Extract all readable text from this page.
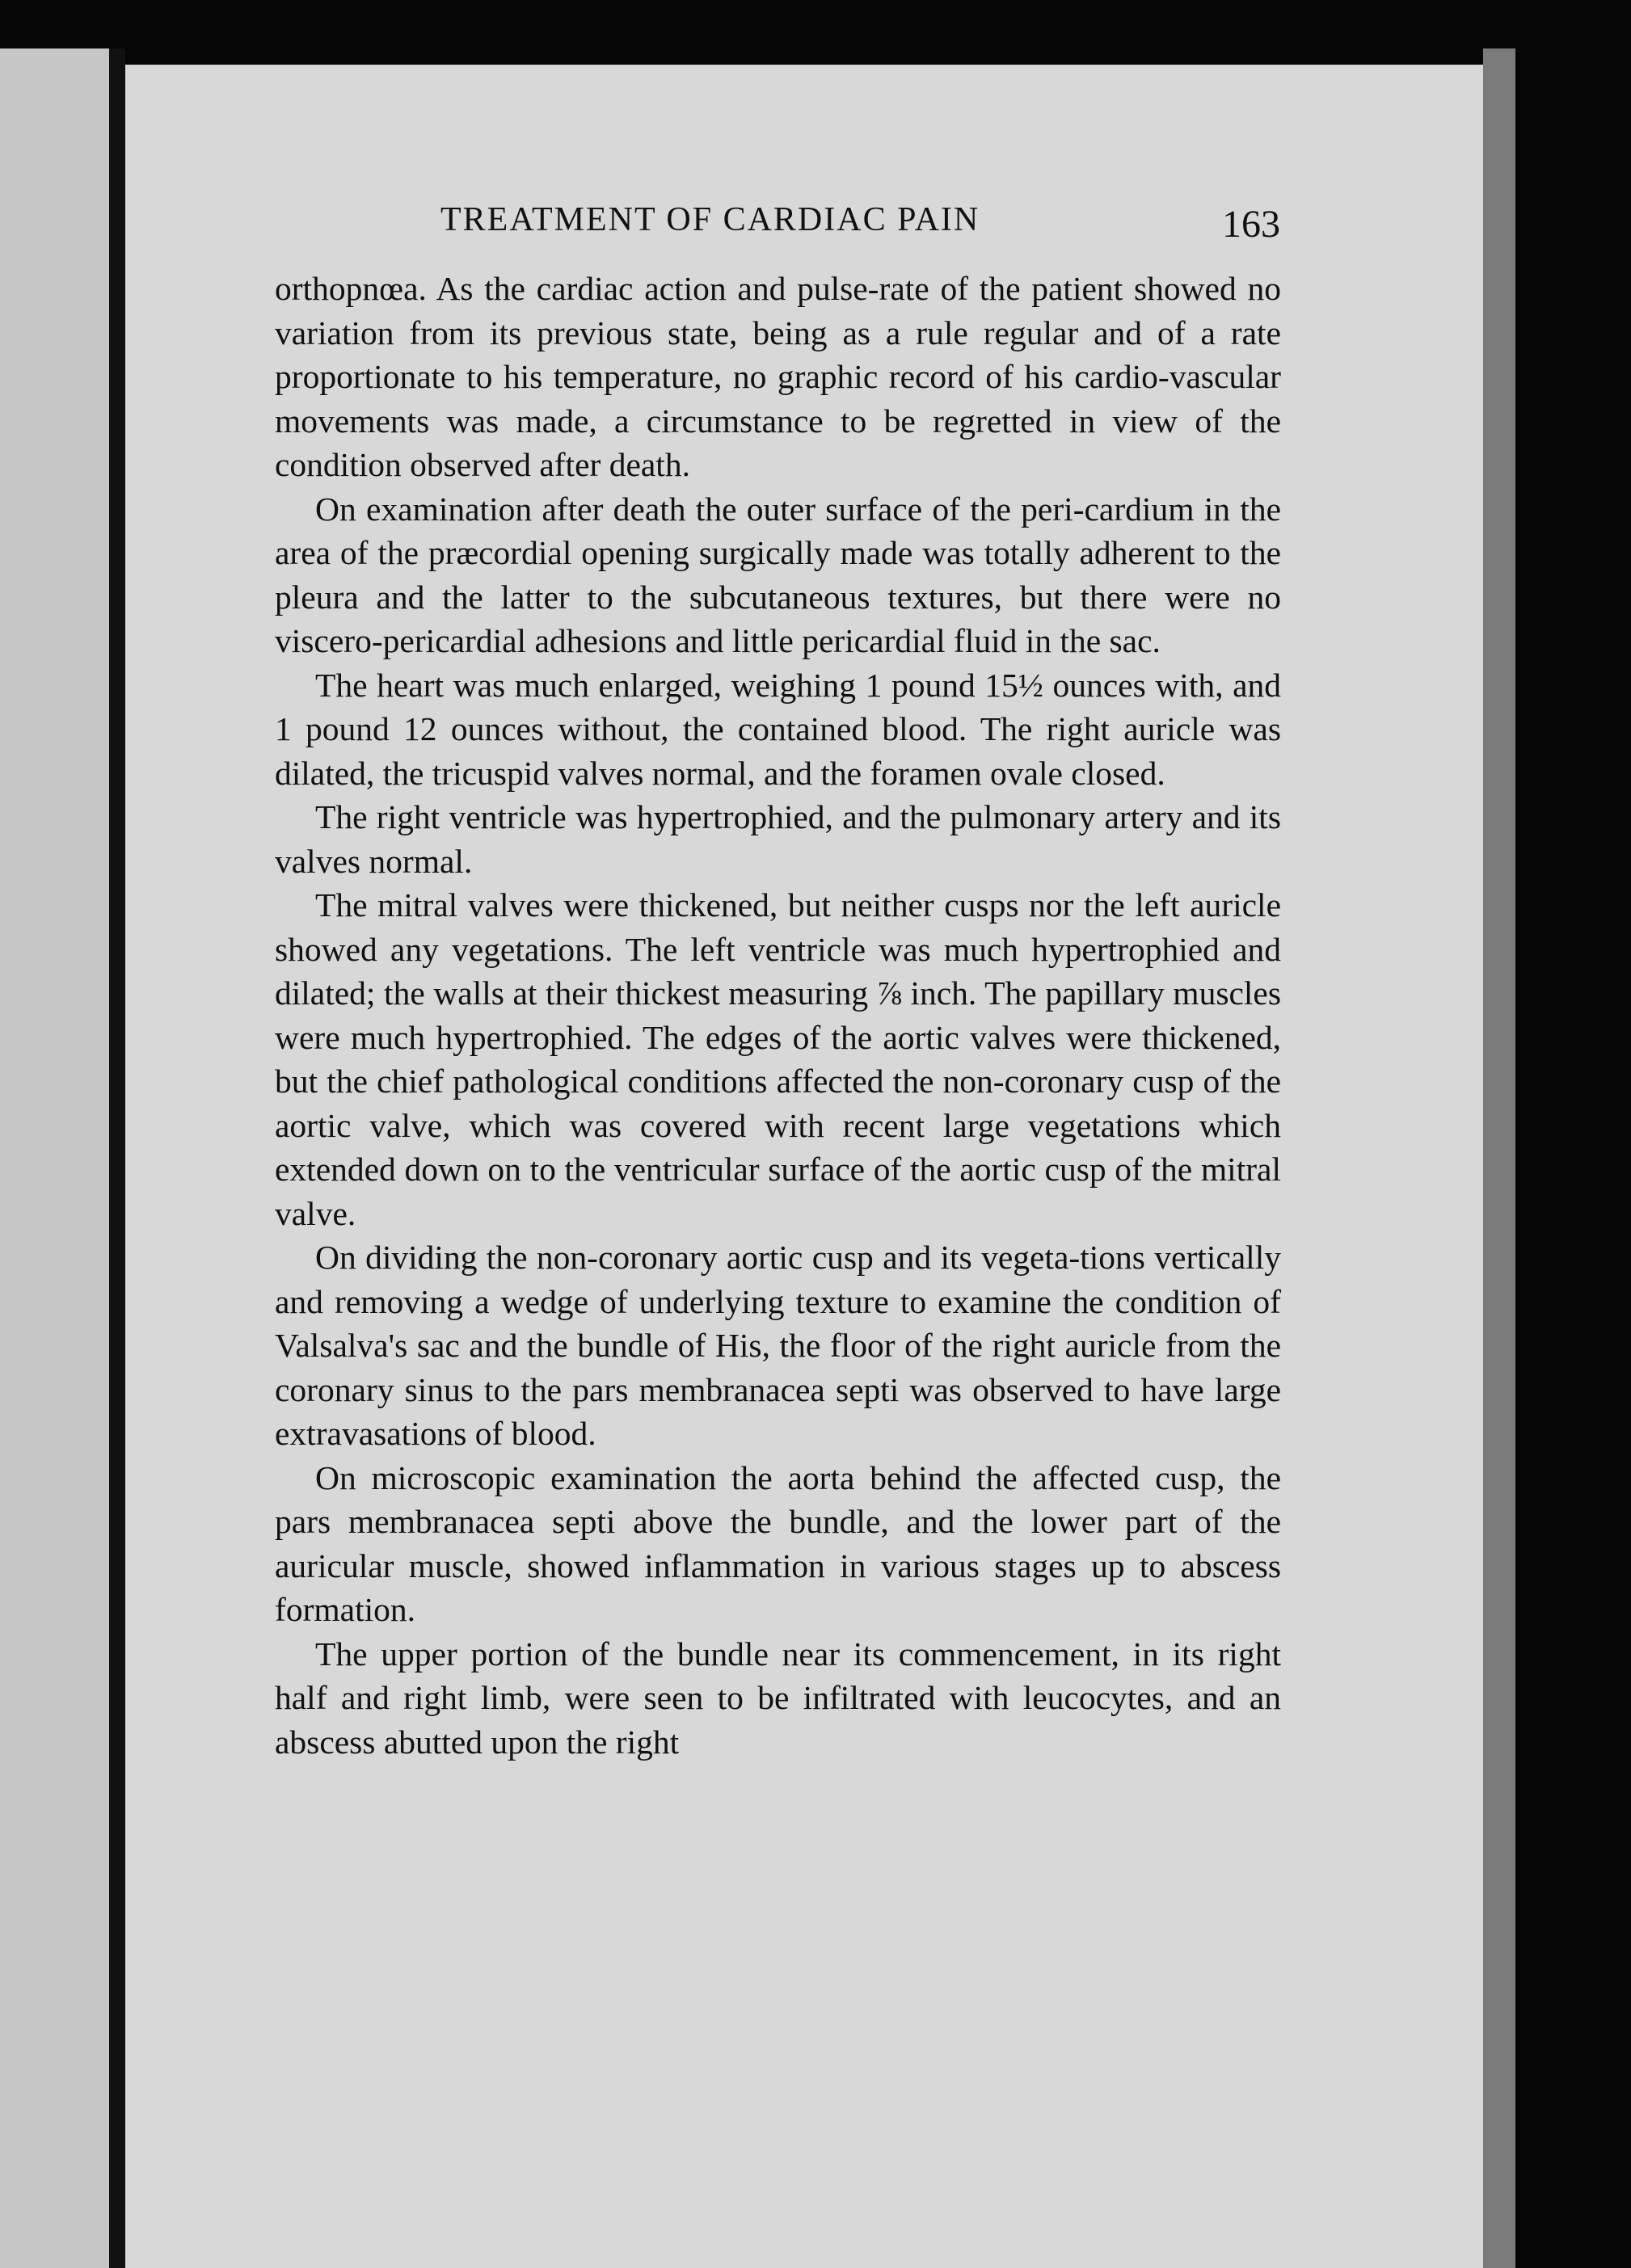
TREATMENT OF CARDIAC PAIN	163

orthopnœa. As the cardiac action and pulse-rate of the patient showed no variation from its previous state, being as a rule regular and of a rate proportionate to his temperature, no graphic record of his cardio-vascular movements was made, a circumstance to be regretted in view of the condition observed after death.

On examination after death the outer surface of the peri-cardium in the area of the præcordial opening surgically made was totally adherent to the pleura and the latter to the subcutaneous textures, but there were no viscero-pericardial adhesions and little pericardial fluid in the sac.

The heart was much enlarged, weighing 1 pound 15½ ounces with, and 1 pound 12 ounces without, the contained blood. The right auricle was dilated, the tricuspid valves normal, and the foramen ovale closed.

The right ventricle was hypertrophied, and the pulmonary artery and its valves normal.

The mitral valves were thickened, but neither cusps nor the left auricle showed any vegetations. The left ventricle was much hypertrophied and dilated; the walls at their thickest measuring ⅞ inch. The papillary muscles were much hypertrophied. The edges of the aortic valves were thickened, but the chief pathological conditions affected the non-coronary cusp of the aortic valve, which was covered with recent large vegetations which extended down on to the ventricular surface of the aortic cusp of the mitral valve.

On dividing the non-coronary aortic cusp and its vegeta-tions vertically and removing a wedge of underlying texture to examine the condition of Valsalva's sac and the bundle of His, the floor of the right auricle from the coronary sinus to the pars membranacea septi was observed to have large extravasations of blood.

On microscopic examination the aorta behind the affected cusp, the pars membranacea septi above the bundle, and the lower part of the auricular muscle, showed inflammation in various stages up to abscess formation.

The upper portion of the bundle near its commencement, in its right half and right limb, were seen to be infiltrated with leucocytes, and an abscess abutted upon the right
